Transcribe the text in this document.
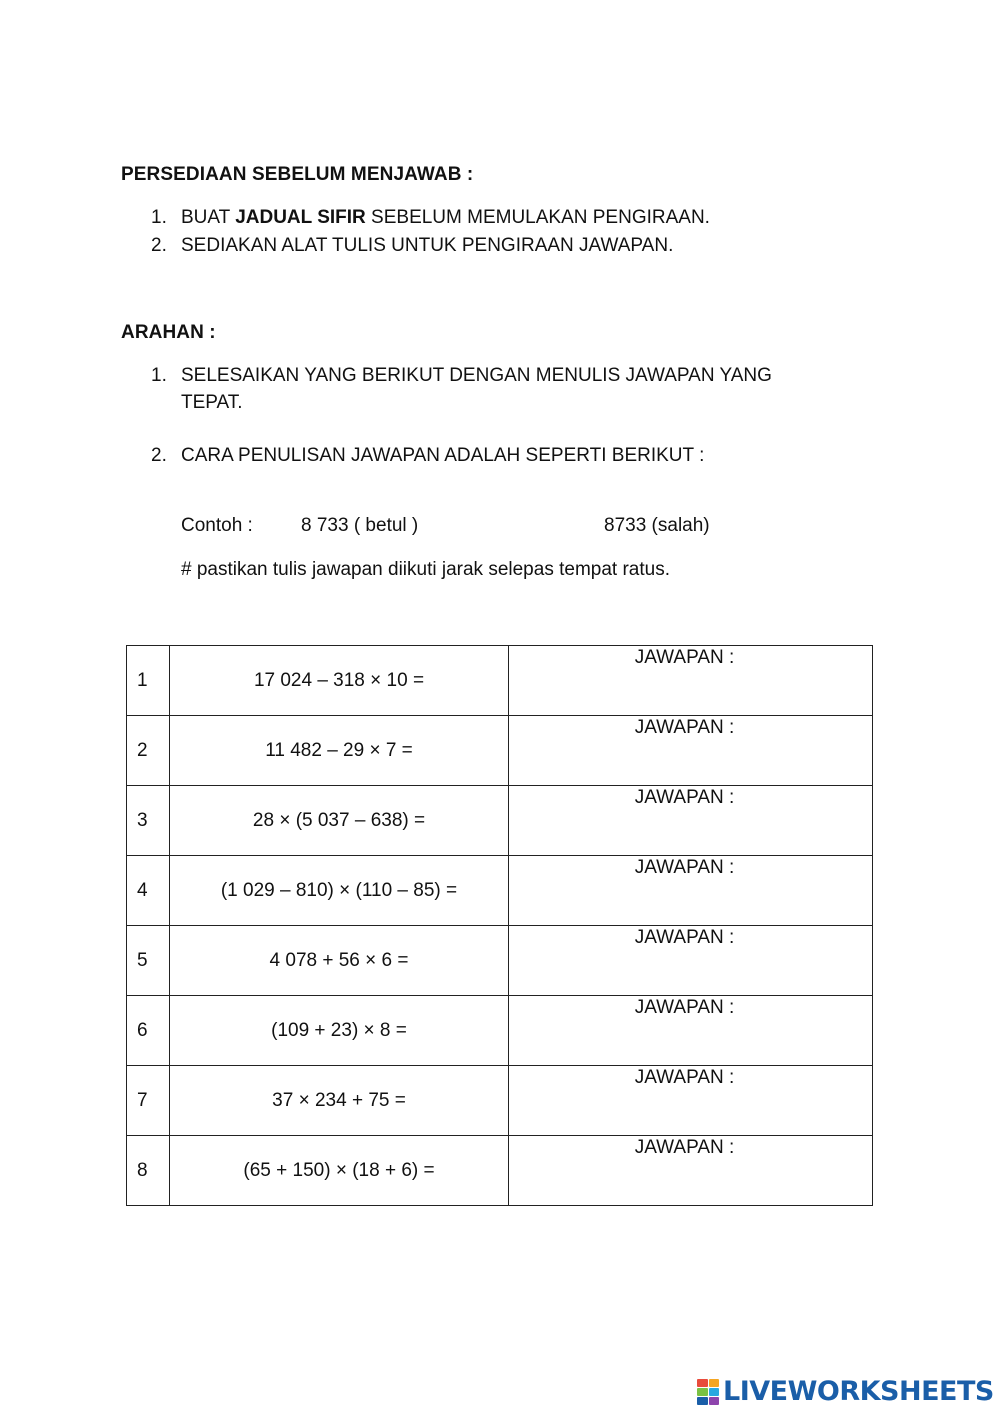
PERSEDIAAN SEBELUM MENJAWAB :
1. BUAT JADUAL SIFIR SEBELUM MEMULAKAN PENGIRAAN.
2. SEDIAKAN ALAT TULIS UNTUK PENGIRAAN JAWAPAN.
ARAHAN :
1. SELESAIKAN YANG BERIKUT DENGAN MENULIS JAWAPAN YANG
TEPAT.
2. CARA PENULISAN JAWAPAN ADALAH SEPERTI BERIKUT :
Contoh :	8 733 ( betul )	8733 (salah)
# pastikan tulis jawapan diikuti jarak selepas tempat ratus.
1	17 024 – 318 × 10 =	JAWAPAN :

2	11 482 – 29 × 7 =	JAWAPAN :

3	28 × (5 037 – 638) =	JAWAPAN :

4	(1 029 – 810) × (110 – 85) =	JAWAPAN :

5	4 078 + 56 × 6 =	JAWAPAN :

6	(109 + 23) × 8 =	JAWAPAN :

7	37 × 234 + 75 =	JAWAPAN :

8	(65 + 150) × (18 + 6) =	JAWAPAN :
LIVEWORKSHEETS
